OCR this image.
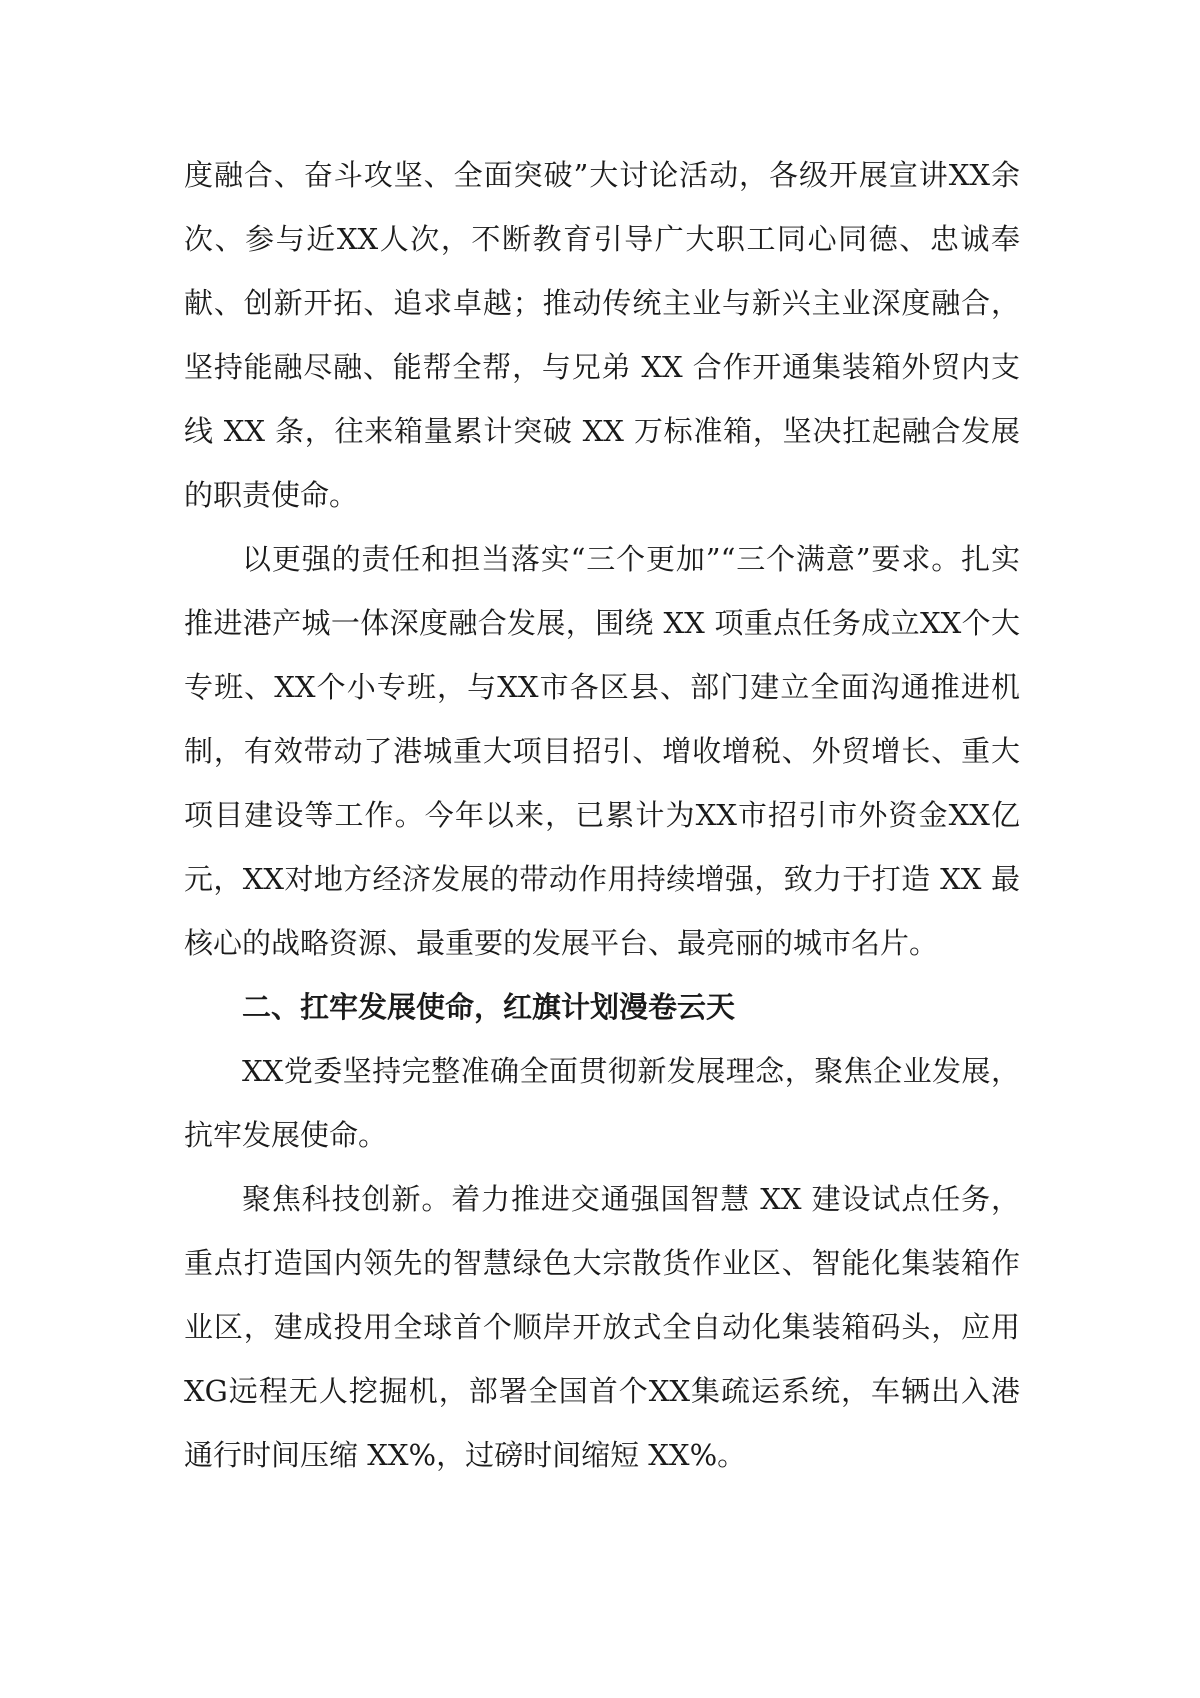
度融合、奋斗攻坚、全面突破”大讨论活动，各级开展宣讲XX余次、参与近XX人次，不断教育引导广大职工同心同德、忠诚奉献、创新开拓、追求卓越；推动传统主业与新兴主业深度融合，坚持能融尽融、能帮全帮，与兄弟 XX 合作开通集装箱外贸内支线 XX 条，往来箱量累计突破 XX 万标准箱，坚决扛起融合发展的职责使命。

以更强的责任和担当落实“三个更加”“三个满意”要求。扎实推进港产城一体深度融合发展，围绕 XX 项重点任务成立XX个大专班、XX个小专班，与XX市各区县、部门建立全面沟通推进机制，有效带动了港城重大项目招引、增收增税、外贸增长、重大项目建设等工作。今年以来，已累计为XX市招引市外资金XX亿元，XX对地方经济发展的带动作用持续增强，致力于打造 XX 最核心的战略资源、最重要的发展平台、最亮丽的城市名片。

二、扛牢发展使命，红旗计划漫卷云天

XX党委坚持完整准确全面贯彻新发展理念，聚焦企业发展，抗牢发展使命。

聚焦科技创新。着力推进交通强国智慧 XX 建设试点任务，重点打造国内领先的智慧绿色大宗散货作业区、智能化集装箱作业区，建成投用全球首个顺岸开放式全自动化集装箱码头，应用XG远程无人挖掘机，部署全国首个XX集疏运系统，车辆出入港通行时间压缩 XX%，过磅时间缩短 XX%。
